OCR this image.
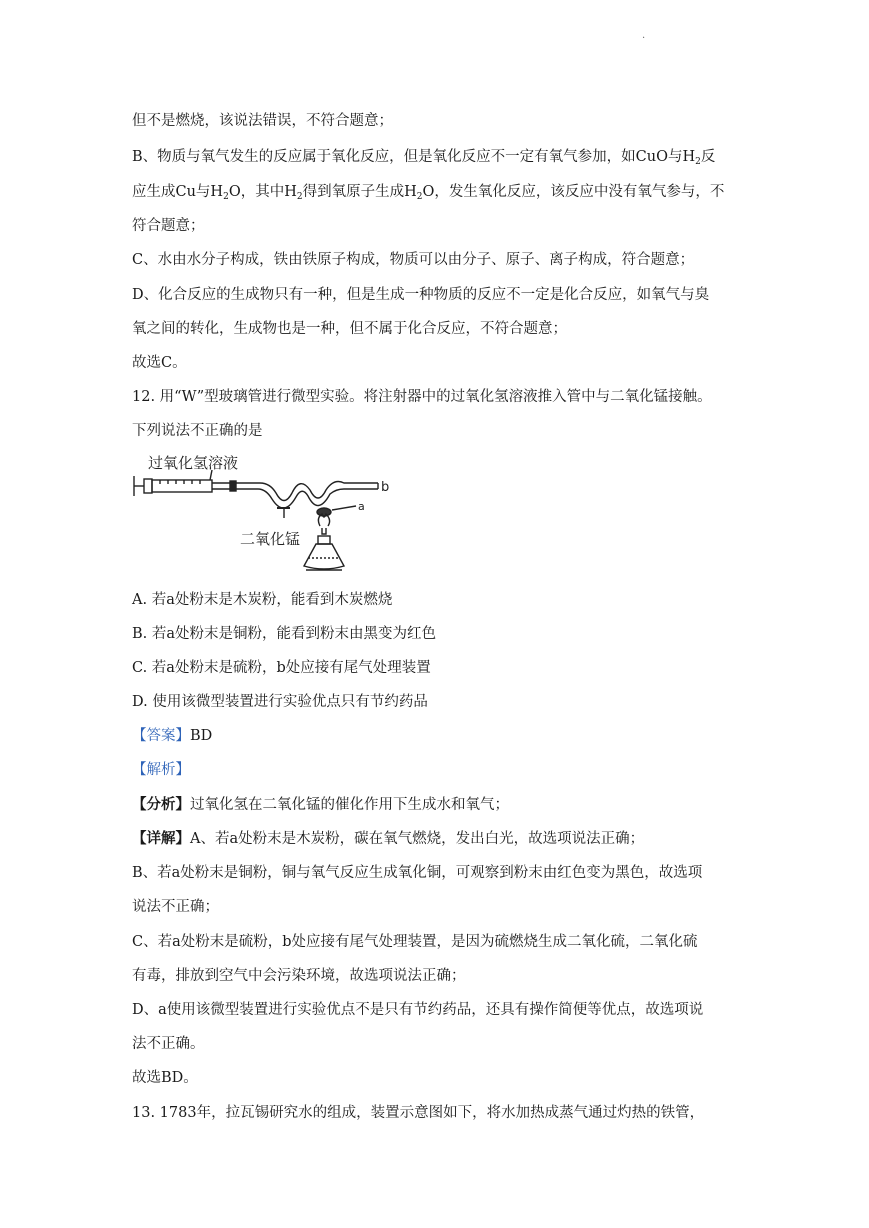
.
但不是燃烧，该说法错误，不符合题意；
B、物质与氧气发生的反应属于氧化反应，但是氧化反应不一定有氧气参加，如CuO与$H_2$反
应生成Cu与$H_2O$，其中$H_2$得到氧原子生成$H_2O$，发生氧化反应，该反应中没有氧气参与，不
符合题意；
C、水由水分子构成，铁由铁原子构成，物质可以由分子、原子、离子构成，符合题意；
D、化合反应的生成物只有一种，但是生成一种物质的反应不一定是化合反应，如氧气与臭
氧之间的转化，生成物也是一种，但不属于化合反应，不符合题意；
故选C。
12. 用“W”型玻璃管进行微型实验。将注射器中的过氧化氢溶液推入管中与二氧化锰接触。
下列说法不正确的是
过氧化氢溶液
二氧化锰
a
b
A. 若a处粉末是木炭粉，能看到木炭燃烧
B. 若a处粉末是铜粉，能看到粉末由黑变为红色
C. 若a处粉末是硫粉，b处应接有尾气处理装置
D. 使用该微型装置进行实验优点只有节约药品
【答案】BD
【解析】
【分析】过氧化氢在二氧化锰的催化作用下生成水和氧气；
【详解】A、若a处粉末是木炭粉，碳在氧气燃烧，发出白光，故选项说法正确；
B、若a处粉末是铜粉，铜与氧气反应生成氧化铜，可观察到粉末由红色变为黑色，故选项
说法不正确；
C、若a处粉末是硫粉，b处应接有尾气处理装置，是因为硫燃烧生成二氧化硫，二氧化硫
有毒，排放到空气中会污染环境，故选项说法正确；
D、a使用该微型装置进行实验优点不是只有节约药品，还具有操作简便等优点，故选项说
法不正确。
故选BD。
13. 1783年，拉瓦锡研究水的组成，装置示意图如下，将水加热成蒸气通过灼热的铁管，
